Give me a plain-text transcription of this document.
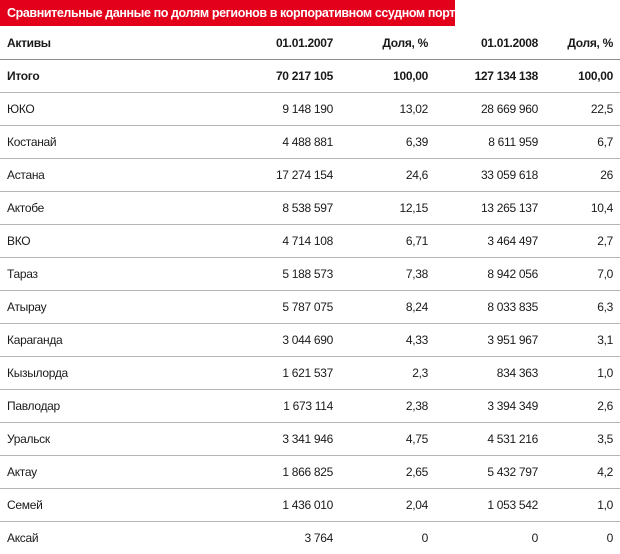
Сравнительные данные по долям регионов в корпоративном ссудном портфеле филиалов
Активы	01.01.2007	Доля, %	01.01.2008	Доля, %
Итого	70 217 105	100,00	127 134 138	100,00
ЮКО	9 148 190	13,02	28 669 960	22,5
Костанай	4 488 881	6,39	8 611 959	6,7
Астана	17 274 154	24,6	33 059 618	26
Актобе	8 538 597	12,15	13 265 137	10,4
ВКО	4 714 108	6,71	3 464 497	2,7
Тараз	5 188 573	7,38	8 942 056	7,0
Атырау	5 787 075	8,24	8 033 835	6,3
Караганда	3 044 690	4,33	3 951 967	3,1
Кызылорда	1 621 537	2,3	834 363	1,0
Павлодар	1 673 114	2,38	3 394 349	2,6
Уральск	3 341 946	4,75	4 531 216	3,5
Актау	1 866 825	2,65	5 432 797	4,2
Семей	1 436 010	2,04	1 053 542	1,0
Аксай	3 764	0	0	0
